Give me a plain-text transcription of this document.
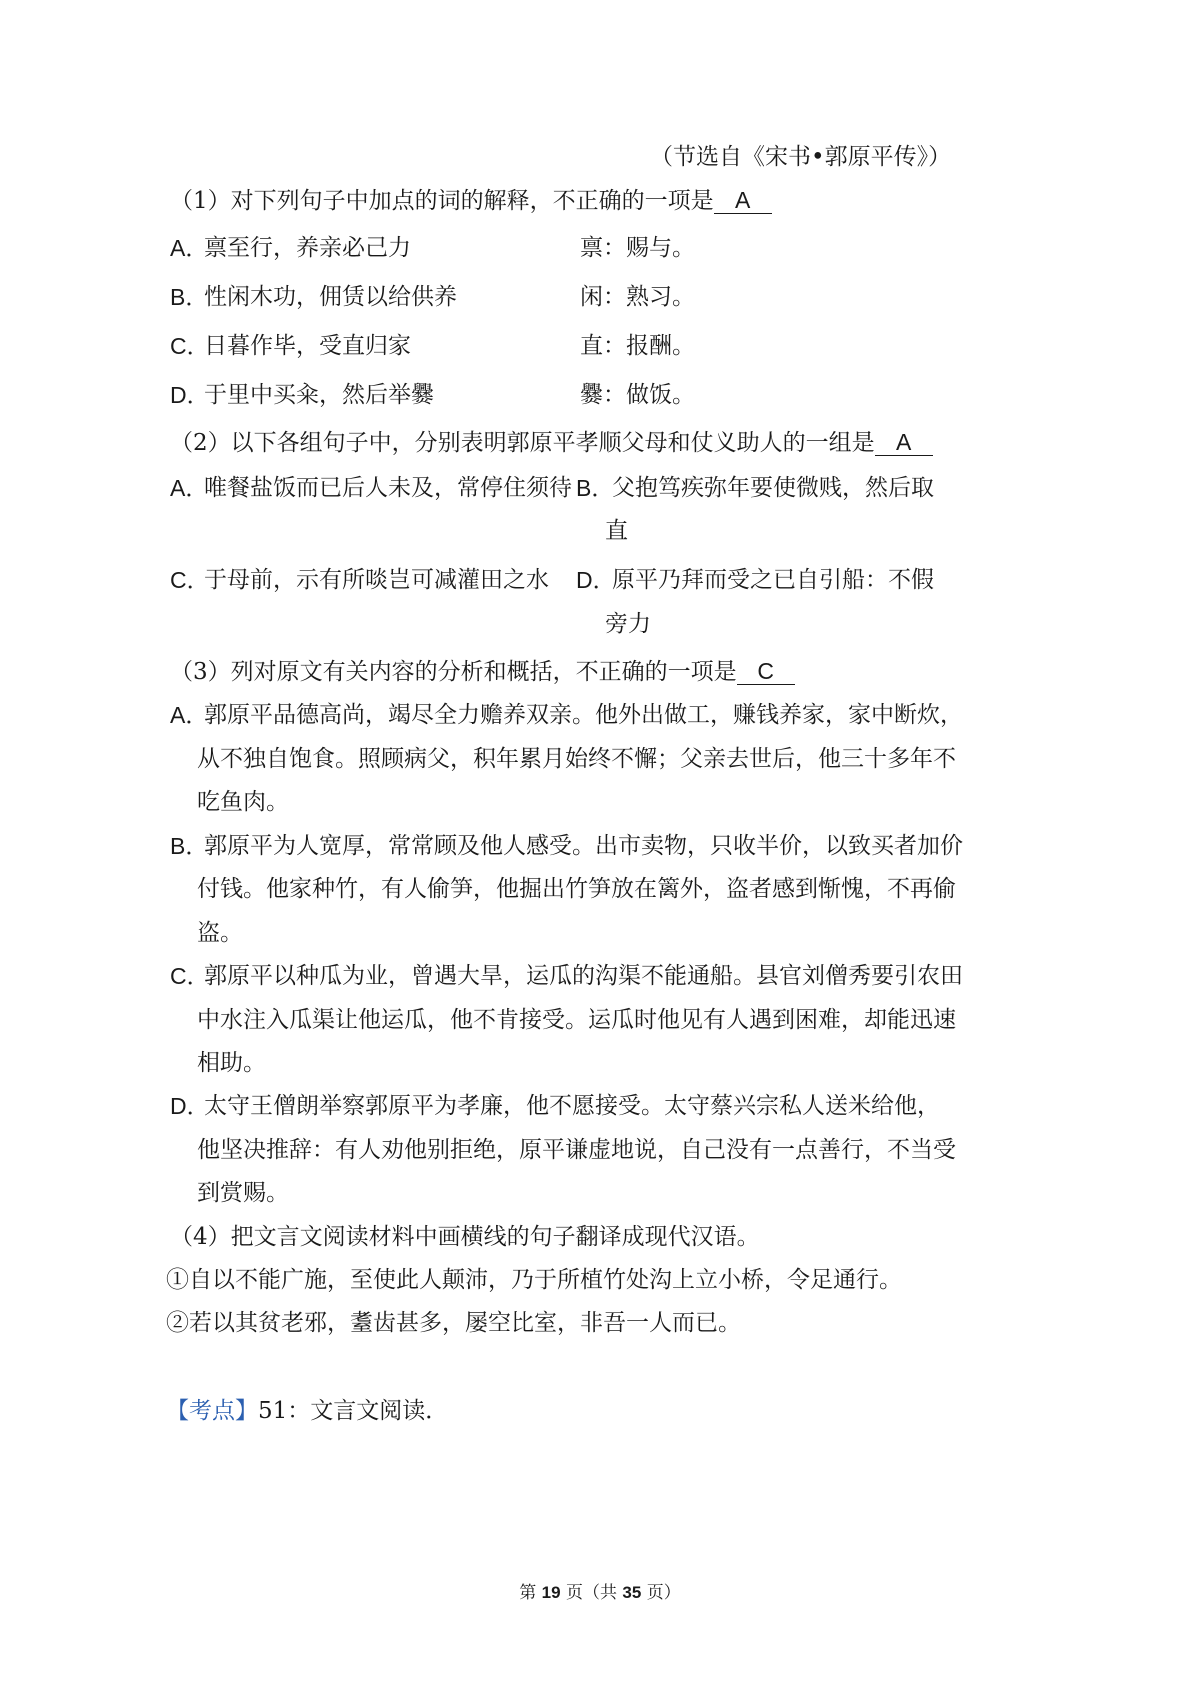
（节选自《宋书•郭原平传》）
（1）对下列句子中加点的词的解释，不正确的一项是 A
A．
禀至行，养亲必己力	禀：赐与。
B．
性闲木功，佣赁以给供养	闲：熟习。
C．
日暮作毕，受直归家	直：报酬。
D．
于里中买籴，然后举爨	爨：做饭。
（2）以下各组句子中，分别表明郭原平孝顺父母和仗义助人的一组是 A
A．
唯餐盐饭而已后人未及，常停住须待 B．
父抱笃疾弥年要使微贱，然后取
直
C．
于母前，示有所啖岂可减灌田之水 D．
原平乃拜而受之已自引船：不假
旁力
（3）列对原文有关内容的分析和概括，不正确的一项是 C
A．
郭原平品德高尚，竭尽全力赡养双亲。他外出做工，赚钱养家，家中断炊，
从不独自饱食。照顾病父，积年累月始终不懈；父亲去世后，他三十多年不
吃鱼肉。
B．
郭原平为人宽厚，常常顾及他人感受。出市卖物，只收半价，以致买者加价
付钱。他家种竹，有人偷笋，他掘出竹笋放在篱外，盗者感到惭愧，不再偷
盗。
C．
郭原平以种瓜为业，曾遇大旱，运瓜的沟渠不能通船。县官刘僧秀要引农田
中水注入瓜渠让他运瓜，他不肯接受。运瓜时他见有人遇到困难，却能迅速
相助。
D．
太守王僧朗举察郭原平为孝廉，他不愿接受。太守蔡兴宗私人送米给他，
他坚决推辞：有人劝他别拒绝，原平谦虚地说，自己没有一点善行，不当受
到赏赐。
（4）把文言文阅读材料中画横线的句子翻译成现代汉语。
①自以不能广施，至使此人颠沛，乃于所植竹处沟上立小桥，令足通行。
②若以其贫老邪，耋齿甚多，屡空比室，非吾一人而已。
【考点】51：文言文阅读．
第 19 页（共 35 页）
